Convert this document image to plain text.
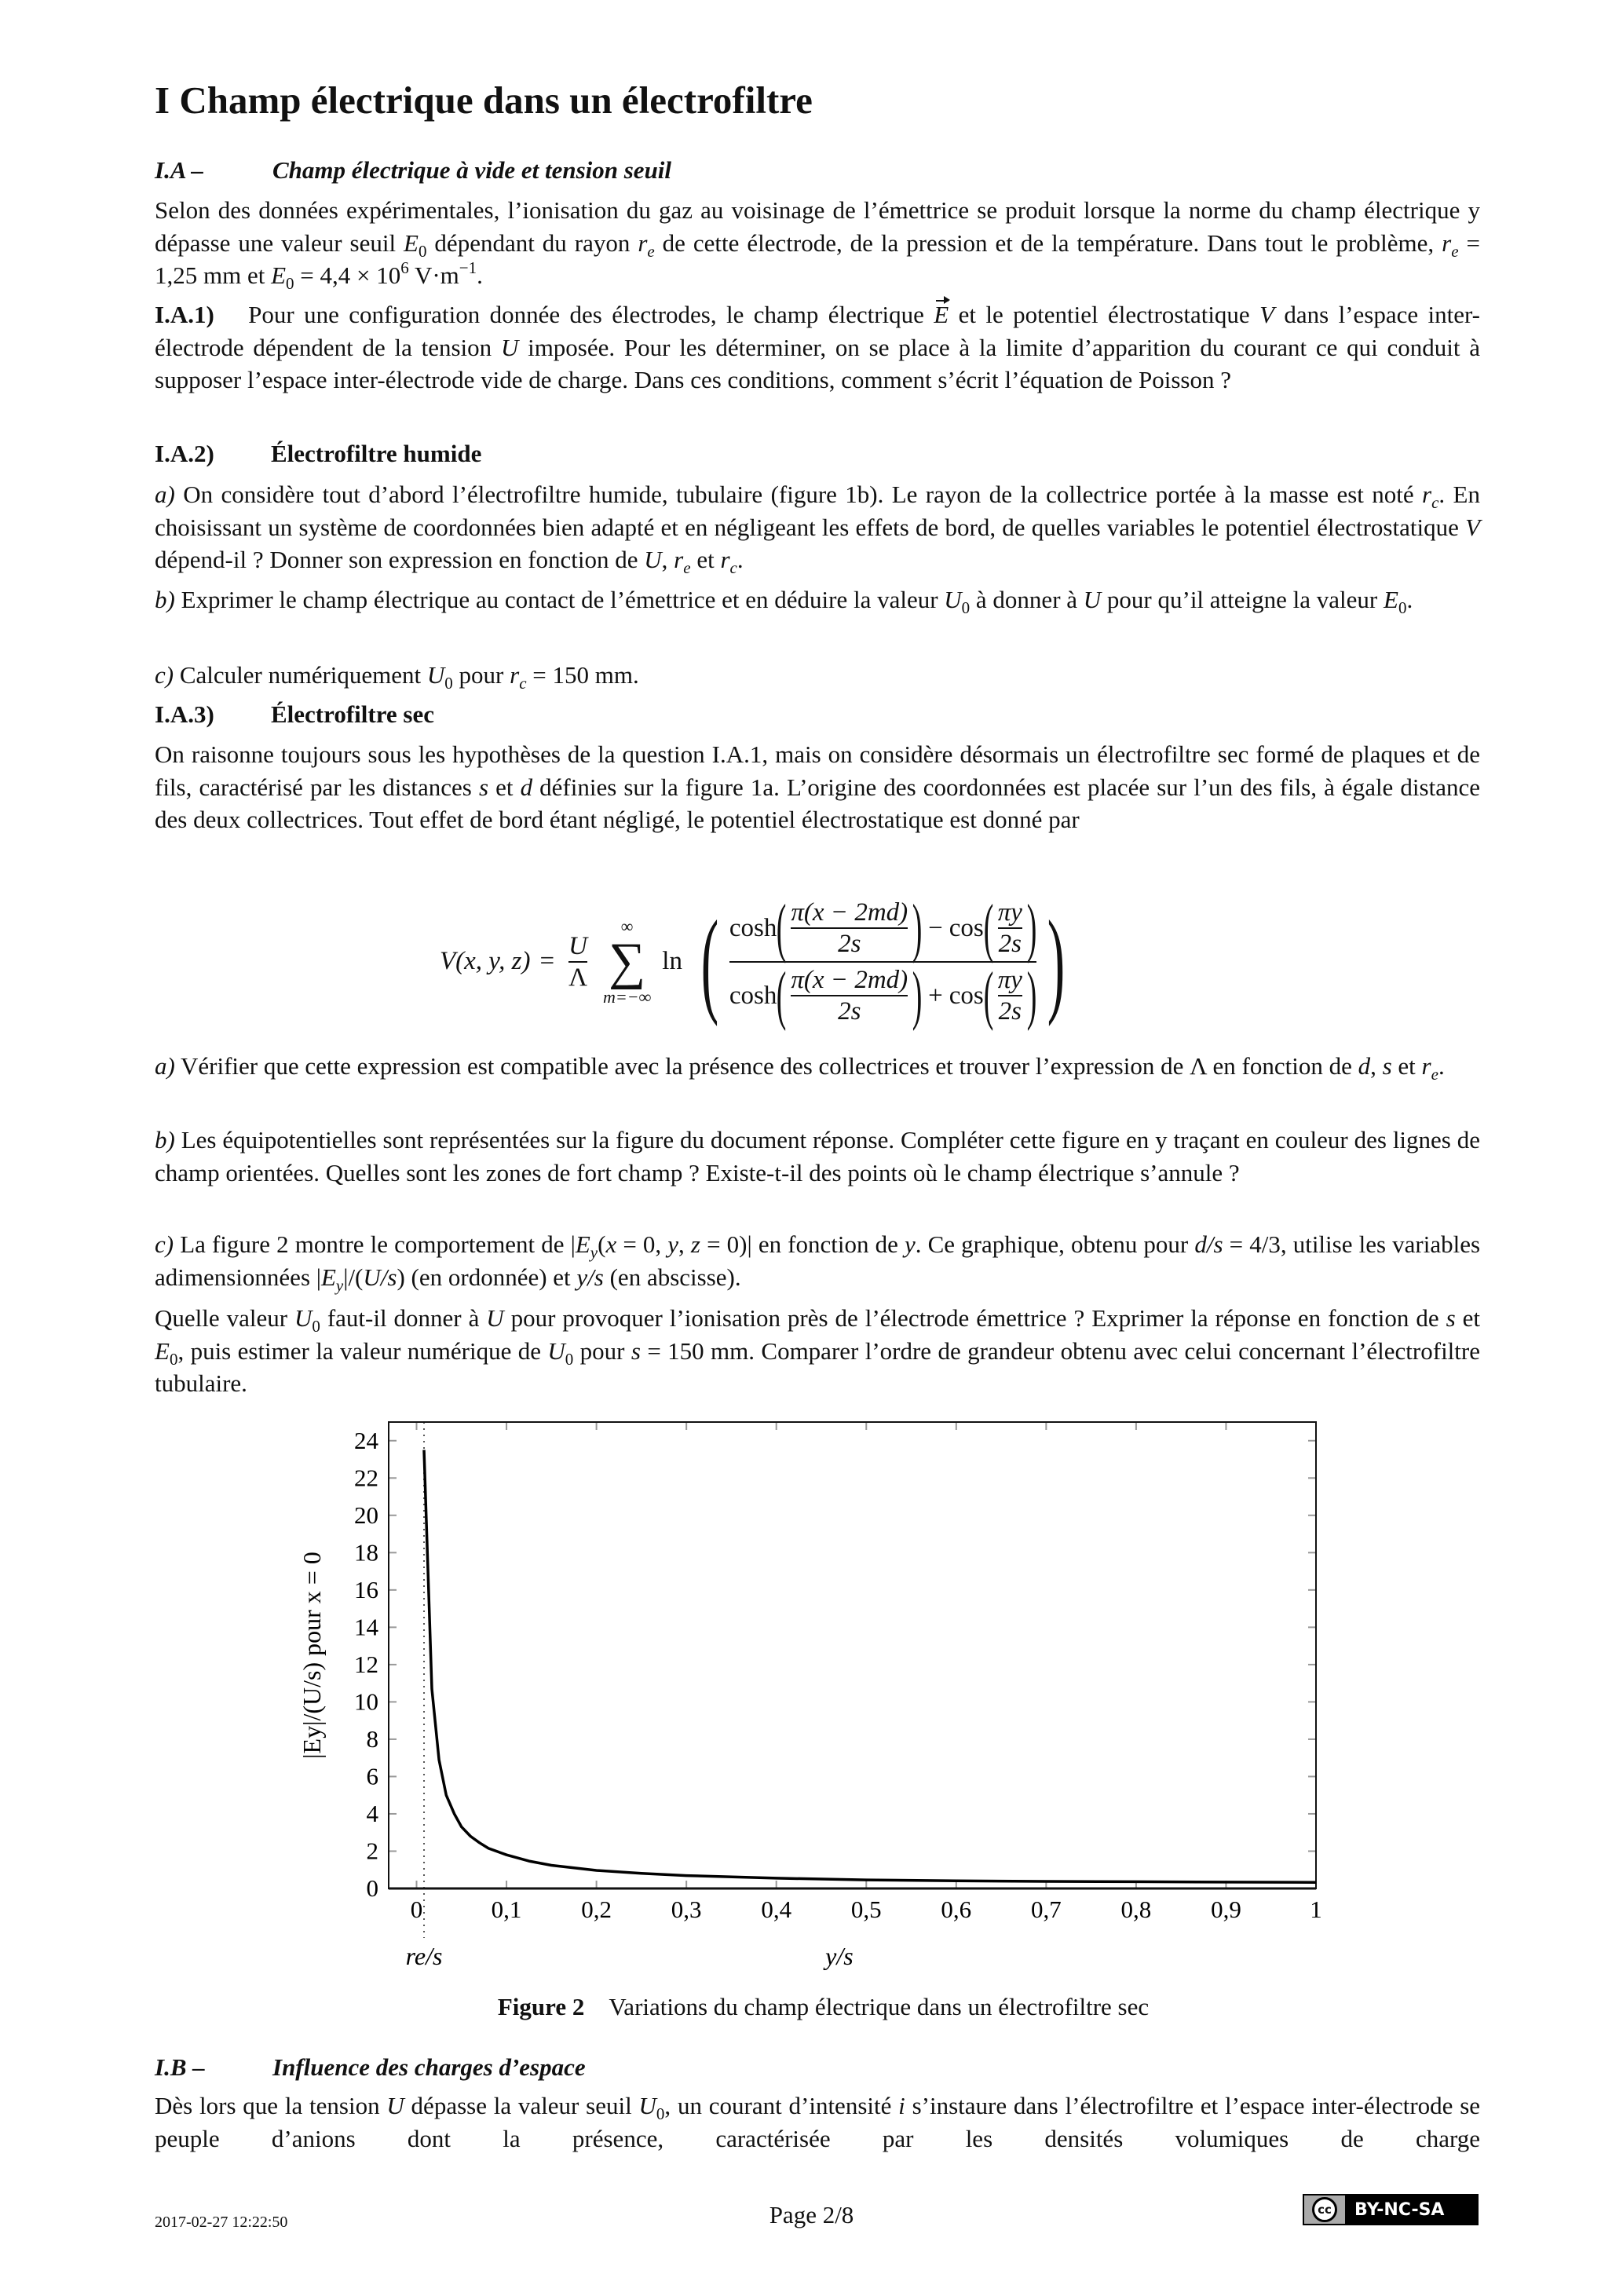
I Champ électrique dans un électrofiltre
I.A –	Champ électrique à vide et tension seuil
Selon des données expérimentales, l’ionisation du gaz au voisinage de l’émettrice se produit lorsque la norme du champ électrique y dépasse une valeur seuil $E_0$ dépendant du rayon $r_e$ de cette électrode, de la pression et de la température. Dans tout le problème, $r_e = 1,25$ mm et $E_0 = 4,4 \times 10^6$ $V\cdot m^{-1}$.
I.A.1)  Pour une configuration donnée des électrodes, le champ électrique E et le potentiel électrostatique V dans l’espace inter-électrode dépendent de la tension U imposée. Pour les déterminer, on se place à la limite d’apparition du courant ce qui conduit à supposer l’espace inter-électrode vide de charge. Dans ces conditions, comment s’écrit l’équation de Poisson ?
I.A.2) Électrofiltre humide
a) On considère tout d’abord l’électrofiltre humide, tubulaire (figure 1b). Le rayon de la collectrice portée à la masse est noté $r_c$. En choisissant un système de coordonnées bien adapté et en négligeant les effets de bord, de quelles variables le potentiel électrostatique V dépend-il ? Donner son expression en fonction de U, $r_e$ et $r_c$.
b) Exprimer le champ électrique au contact de l’émettrice et en déduire la valeur $U_0$ à donner à U pour qu’il atteigne la valeur $E_0$.
c) Calculer numériquement $U_0$ pour $r_c = 150$ mm.
I.A.3) Électrofiltre sec
On raisonne toujours sous les hypothèses de la question I.A.1, mais on considère désormais un électrofiltre sec formé de plaques et de fils, caractérisé par les distances s et d définies sur la figure 1a. L’origine des coordonnées est placée sur l’un des fils, à égale distance des deux collectrices. Tout effet de bord étant négligé, le potentiel électrostatique est donné par
V(x, y, $z) = \frac{U}{\Lambda}$
∞
∑
m=−∞
ln ( cosh ( $\frac{\pi(x - 2md)}{2s}$ ) − cos ( $\frac{\pi y}{2s}$ )
cosh ( $\frac{\pi(x - 2md)}{2s}$ ) + cos ( $\frac{\pi y}{2s}$ ) )
a) Vérifier que cette expression est compatible avec la présence des collectrices et trouver l’expression de Λ en fonction de d, s et $r_e$.
b) Les équipotentielles sont représentées sur la figure du document réponse. Compléter cette figure en y traçant en couleur des lignes de champ orientées. Quelles sont les zones de fort champ ? Existe-t-il des points où le champ électrique s’annule ?
c) La figure 2 montre le comportement de $|E_y(x = 0$, y, z = 0)| en fonction de y. Ce graphique, obtenu pour d/s = 4/3, utilise les variables adimensionnées $|E_y|/(U/s)$ (en ordonnée) et y/s (en abscisse).
Quelle valeur $U_0$ faut-il donner à U pour provoquer l’ionisation près de l’électrode émettrice ? Exprimer la réponse en fonction de s et $E_0$, puis estimer la valeur numérique de $U_0$ pour s = 150 mm. Comparer l’ordre de grandeur obtenu avec celui concernant l’électrofiltre tubulaire.
0	0,1 0,2 0,3 0,4 0,5 0,6 0,7 0,8 0,9	1
0
2
4
6
8
10
12
14
16
18
20
22
24
re/s	y/s
|Ey|/(U/s) pour x = 0
Figure 2  Variations du champ électrique dans un électrofiltre sec
I.B –	Influence des charges d’espace
Dès lors que la tension U dépasse la valeur seuil $U_0$, un courant d’intensité i s’instaure dans l’électrofiltre et l’espace inter-électrode se peuple d’anions dont la présence, caractérisée par les densités volumiques de charge
2017-02-27 12:22:50	Page 2/8	cc	BY-NC-SA
